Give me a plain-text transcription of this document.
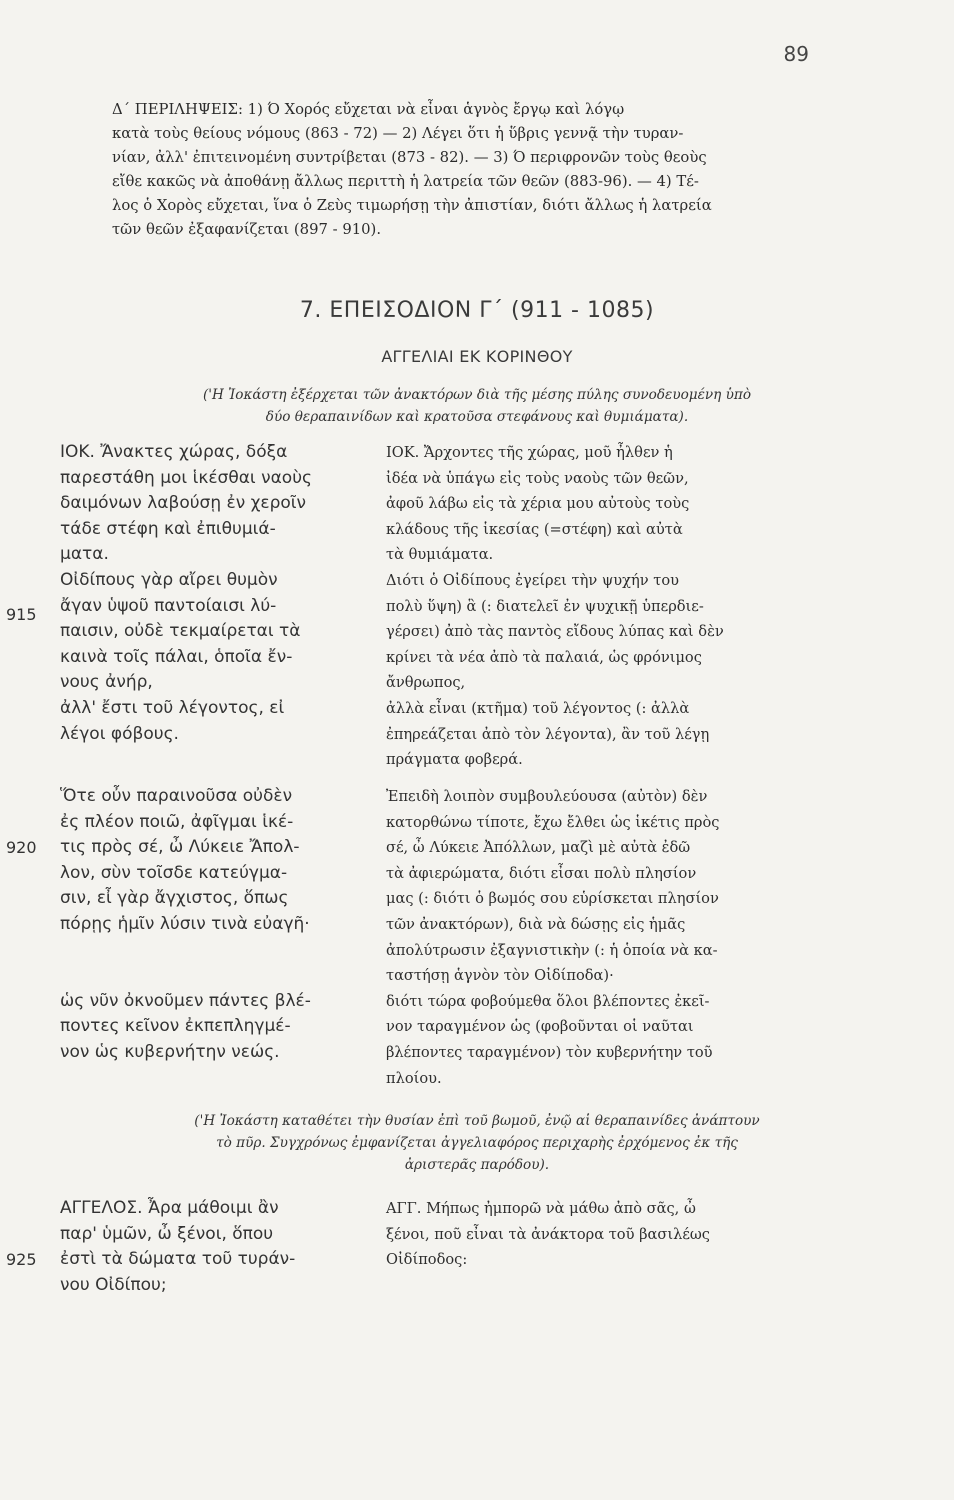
89
Δ΄ ΠΕΡΙΛΗΨΕΙΣ: 1) Ό Χορός εὔχεται νὰ εἶναι ἁγνὸς ἔργῳ καὶ λόγῳ
κατὰ τοὺς θείους νόμους (863 - 72) — 2) Λέγει ὅτι ἡ ὕβρις γεννᾷ τὴν τυραν-
νίαν, ἀλλ' ἐπιτεινομένη συντρίβεται (873 - 82). — 3) Ό περιφρονῶν τοὺς θεοὺς
εἴθε κακῶς νὰ ἀποθάνῃ ἄλλως περιττὴ ἡ λατρεία τῶν θεῶν (883-96). — 4) Τέ-
λος ὁ Χορὸς εὔχεται, ἵνα ὁ Ζεὺς τιμωρήσῃ τὴν ἀπιστίαν, διότι ἄλλως ἡ λατρεία
τῶν θεῶν ἐξαφανίζεται (897 - 910).
7. ΕΠΕΙΣΟΔΙΟΝ Γ΄ (911 - 1085)
ΑΓΓΕΛΙΑΙ ΕΚ ΚΟΡΙΝΘΟΥ
('Η Ἰοκάστη ἐξέρχεται τῶν ἀνακτόρων διὰ τῆς μέσης πύλης συνοδευομένη ὑπὸ
δύο θεραπαινίδων καὶ κρατοῦσα στεφάνους καὶ θυμιάματα).
ΙΟΚ. Ἄνακτες χώρας, δόξα
παρεστάθη μοι ἱκέσθαι ναοὺς
δαιμόνων λαβούσῃ ἐν χεροῖν
τάδε στέφη καὶ ἐπιθυμιά-
ματα.
Οἰδίπους γὰρ αἴρει θυμὸν
ἄγαν ὑψοῦ παντοίαισι λύ-
παισιν, οὐδὲ τεκμαίρεται τὰ
καινὰ τοῖς πάλαι, ὁποῖα ἔν-
νους ἀνήρ,
ἀλλ' ἔστι τοῦ λέγοντος, εἰ
λέγοι φόβους.
ΙΟΚ. Ἄρχοντες τῆς χώρας, μοῦ ἦλθεν ἡ
ἰδέα νὰ ὑπάγω εἰς τοὺς ναοὺς τῶν θεῶν,
ἀφοῦ λάβω εἰς τὰ χέρια μου αὐτοὺς τοὺς
κλάδους τῆς ἱκεσίας (=στέφη) καὶ αὐτὰ
τὰ θυμιάματα.
Διότι ὁ Οἰδίπους ἐγείρει τὴν ψυχήν του
πολὺ ὕψη) ἃ (: διατελεῖ ἐν ψυχικῇ ὑπερδιε-
γέρσει) ἀπὸ τὰς παντὸς εἴδους λύπας καὶ δὲν
κρίνει τὰ νέα ἀπὸ τὰ παλαιά, ὡς φρόνιμος
ἄνθρωπος,
ἀλλὰ εἶναι (κτῆμα) τοῦ λέγοντος (: ἀλλὰ
ἐπηρεάζεται ἀπὸ τὸν λέγοντα), ἂν τοῦ λέγῃ
πράγματα φοβερά.
915
Ὅτε οὖν παραινοῦσα οὐδὲν
ἐς πλέον ποιῶ, ἀφῖγμαι ἱκέ-
τις πρὸς σέ, ὦ Λύκειε Ἄπολ-
λον, σὺν τοῖσδε κατεύγμα-
σιν, εἶ γὰρ ἄγχιστος, ὅπως
πόρῃς ἡμῖν λύσιν τινὰ εὐαγῆ·
ὡς νῦν ὀκνοῦμεν πάντες βλέ-
ποντες κεῖνον ἐκπεπληγμέ-
νον ὡς κυβερνήτην νεώς.
Ἐπειδὴ λοιπὸν συμβουλεύουσα (αὐτὸν) δὲν
κατορθώνω τίποτε, ἔχω ἔλθει ὡς ἱκέτις πρὸς
σέ, ὦ Λύκειε Ἀπόλλων, μαζὶ μὲ αὐτὰ ἐδῶ
τὰ ἀφιερώματα, διότι εἶσαι πολὺ πλησίον
μας (: διότι ὁ βωμός σου εὑρίσκεται πλησίον
τῶν ἀνακτόρων), διὰ νὰ δώσῃς εἰς ἡμᾶς
ἀπολύτρωσιν ἐξαγνιστικὴν (: ἡ ὁποία νὰ κα-
ταστήσῃ ἁγνὸν τὸν Οἰδίποδα)·
διότι τώρα φοβούμεθα ὅλοι βλέποντες ἐκεῖ-
νον ταραγμένον ὡς (φοβοῦνται οἱ ναῦται
βλέποντες ταραγμένον) τὸν κυβερνήτην τοῦ
πλοίου.
920
('Η Ἰοκάστη καταθέτει τὴν θυσίαν ἐπὶ τοῦ βωμοῦ, ἐνῷ αἱ θεραπαινίδες ἀνάπτουν
τὸ πῦρ. Συγχρόνως ἐμφανίζεται ἀγγελιαφόρος περιχαρὴς ἐρχόμενος ἐκ τῆς
ἀριστερᾶς παρόδου).
ΑΓΓΕΛΟΣ. Ἆρα μάθοιμι ἂν
παρ' ὑμῶν, ὦ ξένοι, ὅπου
ἐστὶ τὰ δώματα τοῦ τυράν-
νου Οἰδίπου;
ΑΓΓ. Μήπως ἠμπορῶ νὰ μάθω ἀπὸ σᾶς, ὦ
ξένοι, ποῦ εἶναι τὰ ἀνάκτορα τοῦ βασιλέως
Οἰδίποδος:
925
